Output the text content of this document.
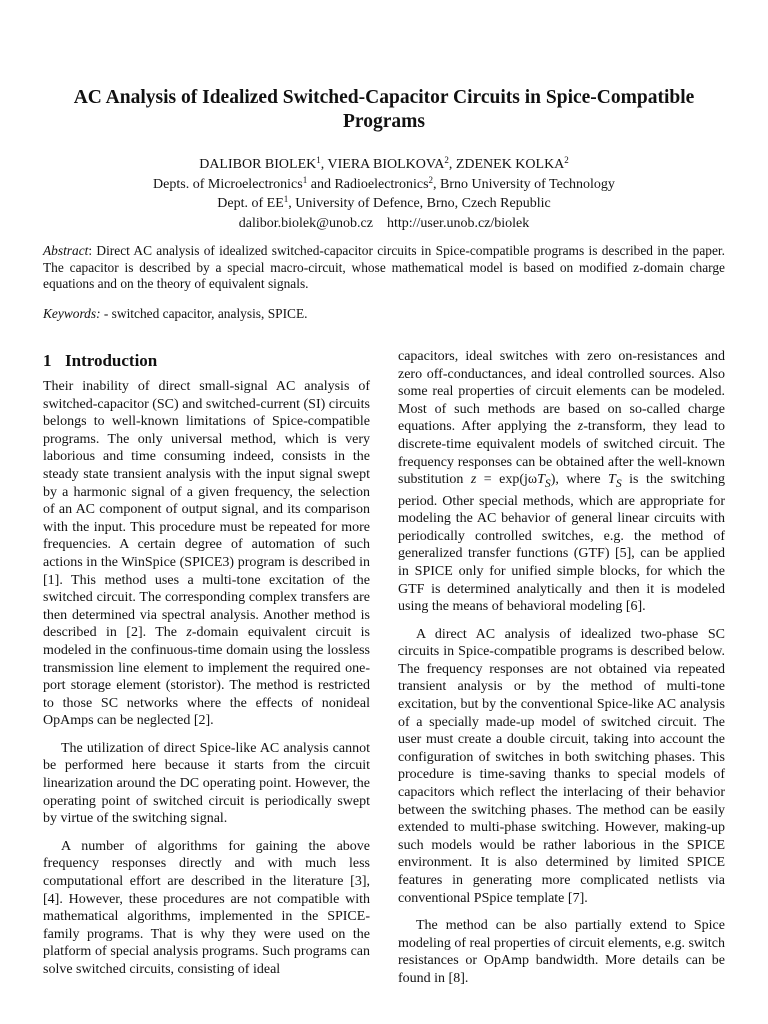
AC Analysis of Idealized Switched-Capacitor Circuits in Spice-Compatible Programs
DALIBOR BIOLEK$^1$, VIERA BIOLKOVA$^2$, ZDENEK KOLKA$^2$
Depts. of Microelectronics$^1$ and Radioelectronics$^2$, Brno University of Technology
Dept. of $EE^1$, University of Defence, Brno, Czech Republic
dalibor.biolek@unob.cz http://user.unob.cz/biolek
Abstract: Direct AC analysis of idealized switched-capacitor circuits in Spice-compatible programs is described in the paper. The capacitor is described by a special macro-circuit, whose mathematical model is based on modified z-domain charge equations and on the theory of equivalent signals.
Keywords: - switched capacitor, analysis, SPICE.
1 Introduction

Their inability of direct small-signal AC analysis of switched-capacitor (SC) and switched-current (SI) circuits belongs to well-known limitations of Spice-compatible programs. The only universal method, which is very laborious and time consuming indeed, consists in the steady state transient analysis with the input signal swept by a harmonic signal of a given frequency, the selection of an AC component of output signal, and its comparison with the input. This procedure must be repeated for more frequencies. A certain degree of automation of such actions in the WinSpice (SPICE3) program is described in [1]. This method uses a multi-tone excitation of the switched circuit. The corresponding complex transfers are then determined via spectral analysis. Another method is described in [2]. The z-domain equivalent circuit is modeled in the confinuous-time domain using the lossless transmission line element to implement the required one-port storage element (storistor). The method is restricted to those SC networks where the effects of nonideal OpAmps can be neglected [2].

The utilization of direct Spice-like AC analysis cannot be performed here because it starts from the circuit linearization around the DC operating point. However, the operating point of switched circuit is periodically swept by virtue of the switching signal.

A number of algorithms for gaining the above frequency responses directly and with much less computational effort are described in the literature [3], [4]. However, these procedures are not compatible with mathematical algorithms, implemented in the SPICE-family programs. That is why they were used on the platform of special analysis programs. Such programs can solve switched circuits, consisting of ideal

capacitors, ideal switches with zero on-resistances and zero off-conductances, and ideal controlled sources. Also some real properties of circuit elements can be modeled. Most of such methods are based on so-called charge equations. After applying the z-transform, they lead to discrete-time equivalent models of switched circuit. The frequency responses can be obtained after the well-known substitution z = exp(jωT$_S$), where $T_S$ is the switching period. Other special methods, which are appropriate for modeling the AC behavior of general linear circuits with periodically controlled switches, e.g. the method of generalized transfer functions (GTF) [5], can be applied in SPICE only for unified simple blocks, for which the GTF is determined analytically and then it is modeled using the means of behavioral modeling [6].

A direct AC analysis of idealized two-phase SC circuits in Spice-compatible programs is described below. The frequency responses are not obtained via repeated transient analysis or by the method of multi-tone excitation, but by the conventional Spice-like AC analysis of a specially made-up model of switched circuit. The user must create a double circuit, taking into account the configuration of switches in both switching phases. This procedure is time-saving thanks to special models of capacitors which reflect the interlacing of their behavior between the switching phases. The method can be easily extended to multi-phase switching. However, making-up such models would be rather laborious in the SPICE environment. It is also determined by limited SPICE features in generating more complicated netlists via conventional PSpice template [7].

The method can be also partially extend to Spice modeling of real properties of circuit elements, e.g. switch resistances or OpAmp bandwidth. More details can be found in [8].
